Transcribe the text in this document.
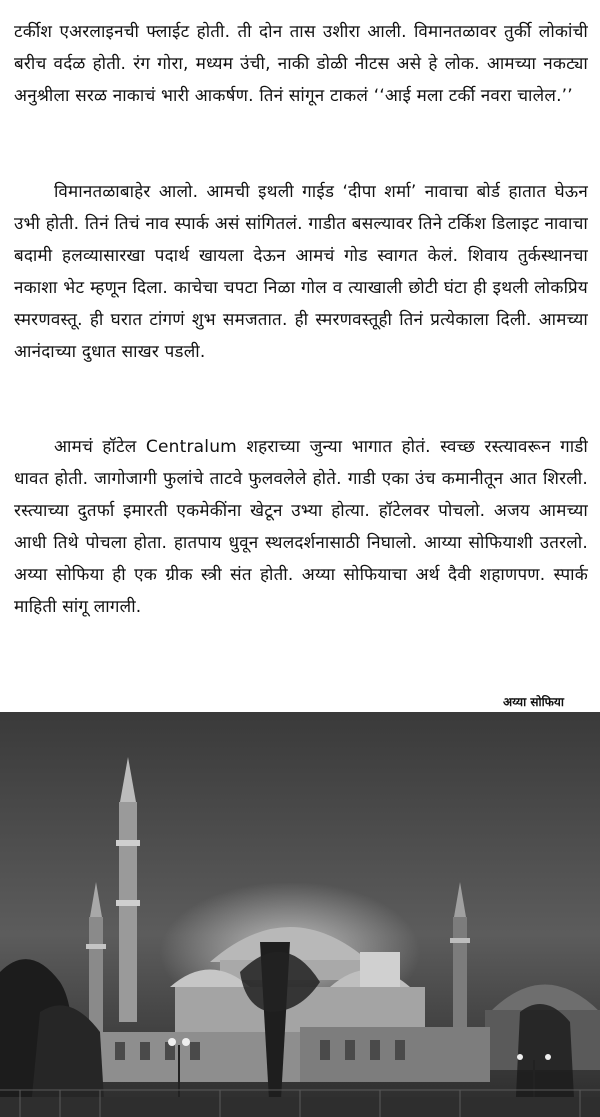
टर्कीश एअरलाइनची फ्लाईट होती. ती दोन तास उशीरा आली. विमानतळावर तुर्की लोकांची बरीच वर्दळ होती. रंग गोरा, मध्यम उंची, नाकी डोळी नीटस असे हे लोक. आमच्या नकट्या अनुश्रीला सरळ नाकाचं भारी आकर्षण. तिनं सांगून टाकलं ‘‘आई मला टर्की नवरा चालेल.’’

विमानतळाबाहेर आलो. आमची इथली गाईड ‘दीपा शर्मा’ नावाचा बोर्ड हातात घेऊन उभी होती. तिनं तिचं नाव स्पार्क असं सांगितलं. गाडीत बसल्यावर तिने टर्किश डिलाइट नावाचा बदामी हलव्यासारखा पदार्थ खायला देऊन आमचं गोड स्वागत केलं. शिवाय तुर्कस्थानचा नकाशा भेट म्हणून दिला. काचेचा चपटा निळा गोल व त्याखाली छोटी घंटा ही इथली लोकप्रिय स्मरणवस्तू. ही घरात टांगणं शुभ समजतात. ही स्मरणवस्तूही तिनं प्रत्येकाला दिली. आमच्या आनंदाच्या दुधात साखर पडली.

आमचं हॉटेल Centralum शहराच्या जुन्या भागात होतं. स्वच्छ रस्त्यावरून गाडी धावत होती. जागोजागी फुलांचे ताटवे फुलवलेले होते. गाडी एका उंच कमानीतून आत शिरली. रस्त्याच्या दुतर्फा इमारती एकमेकींना खेटून उभ्या होत्या. हॉटेलवर पोचलो. अजय आमच्या आधी तिथे पोचला होता. हातपाय धुवून स्थलदर्शनासाठी निघालो. आय्या सोफियाशी उतरलो. अय्या सोफिया ही एक ग्रीक स्त्री संत होती. अय्या सोफियाचा अर्थ दैवी शहाणपण. स्पार्क माहिती सांगू लागली.

अय्या सोफिया
